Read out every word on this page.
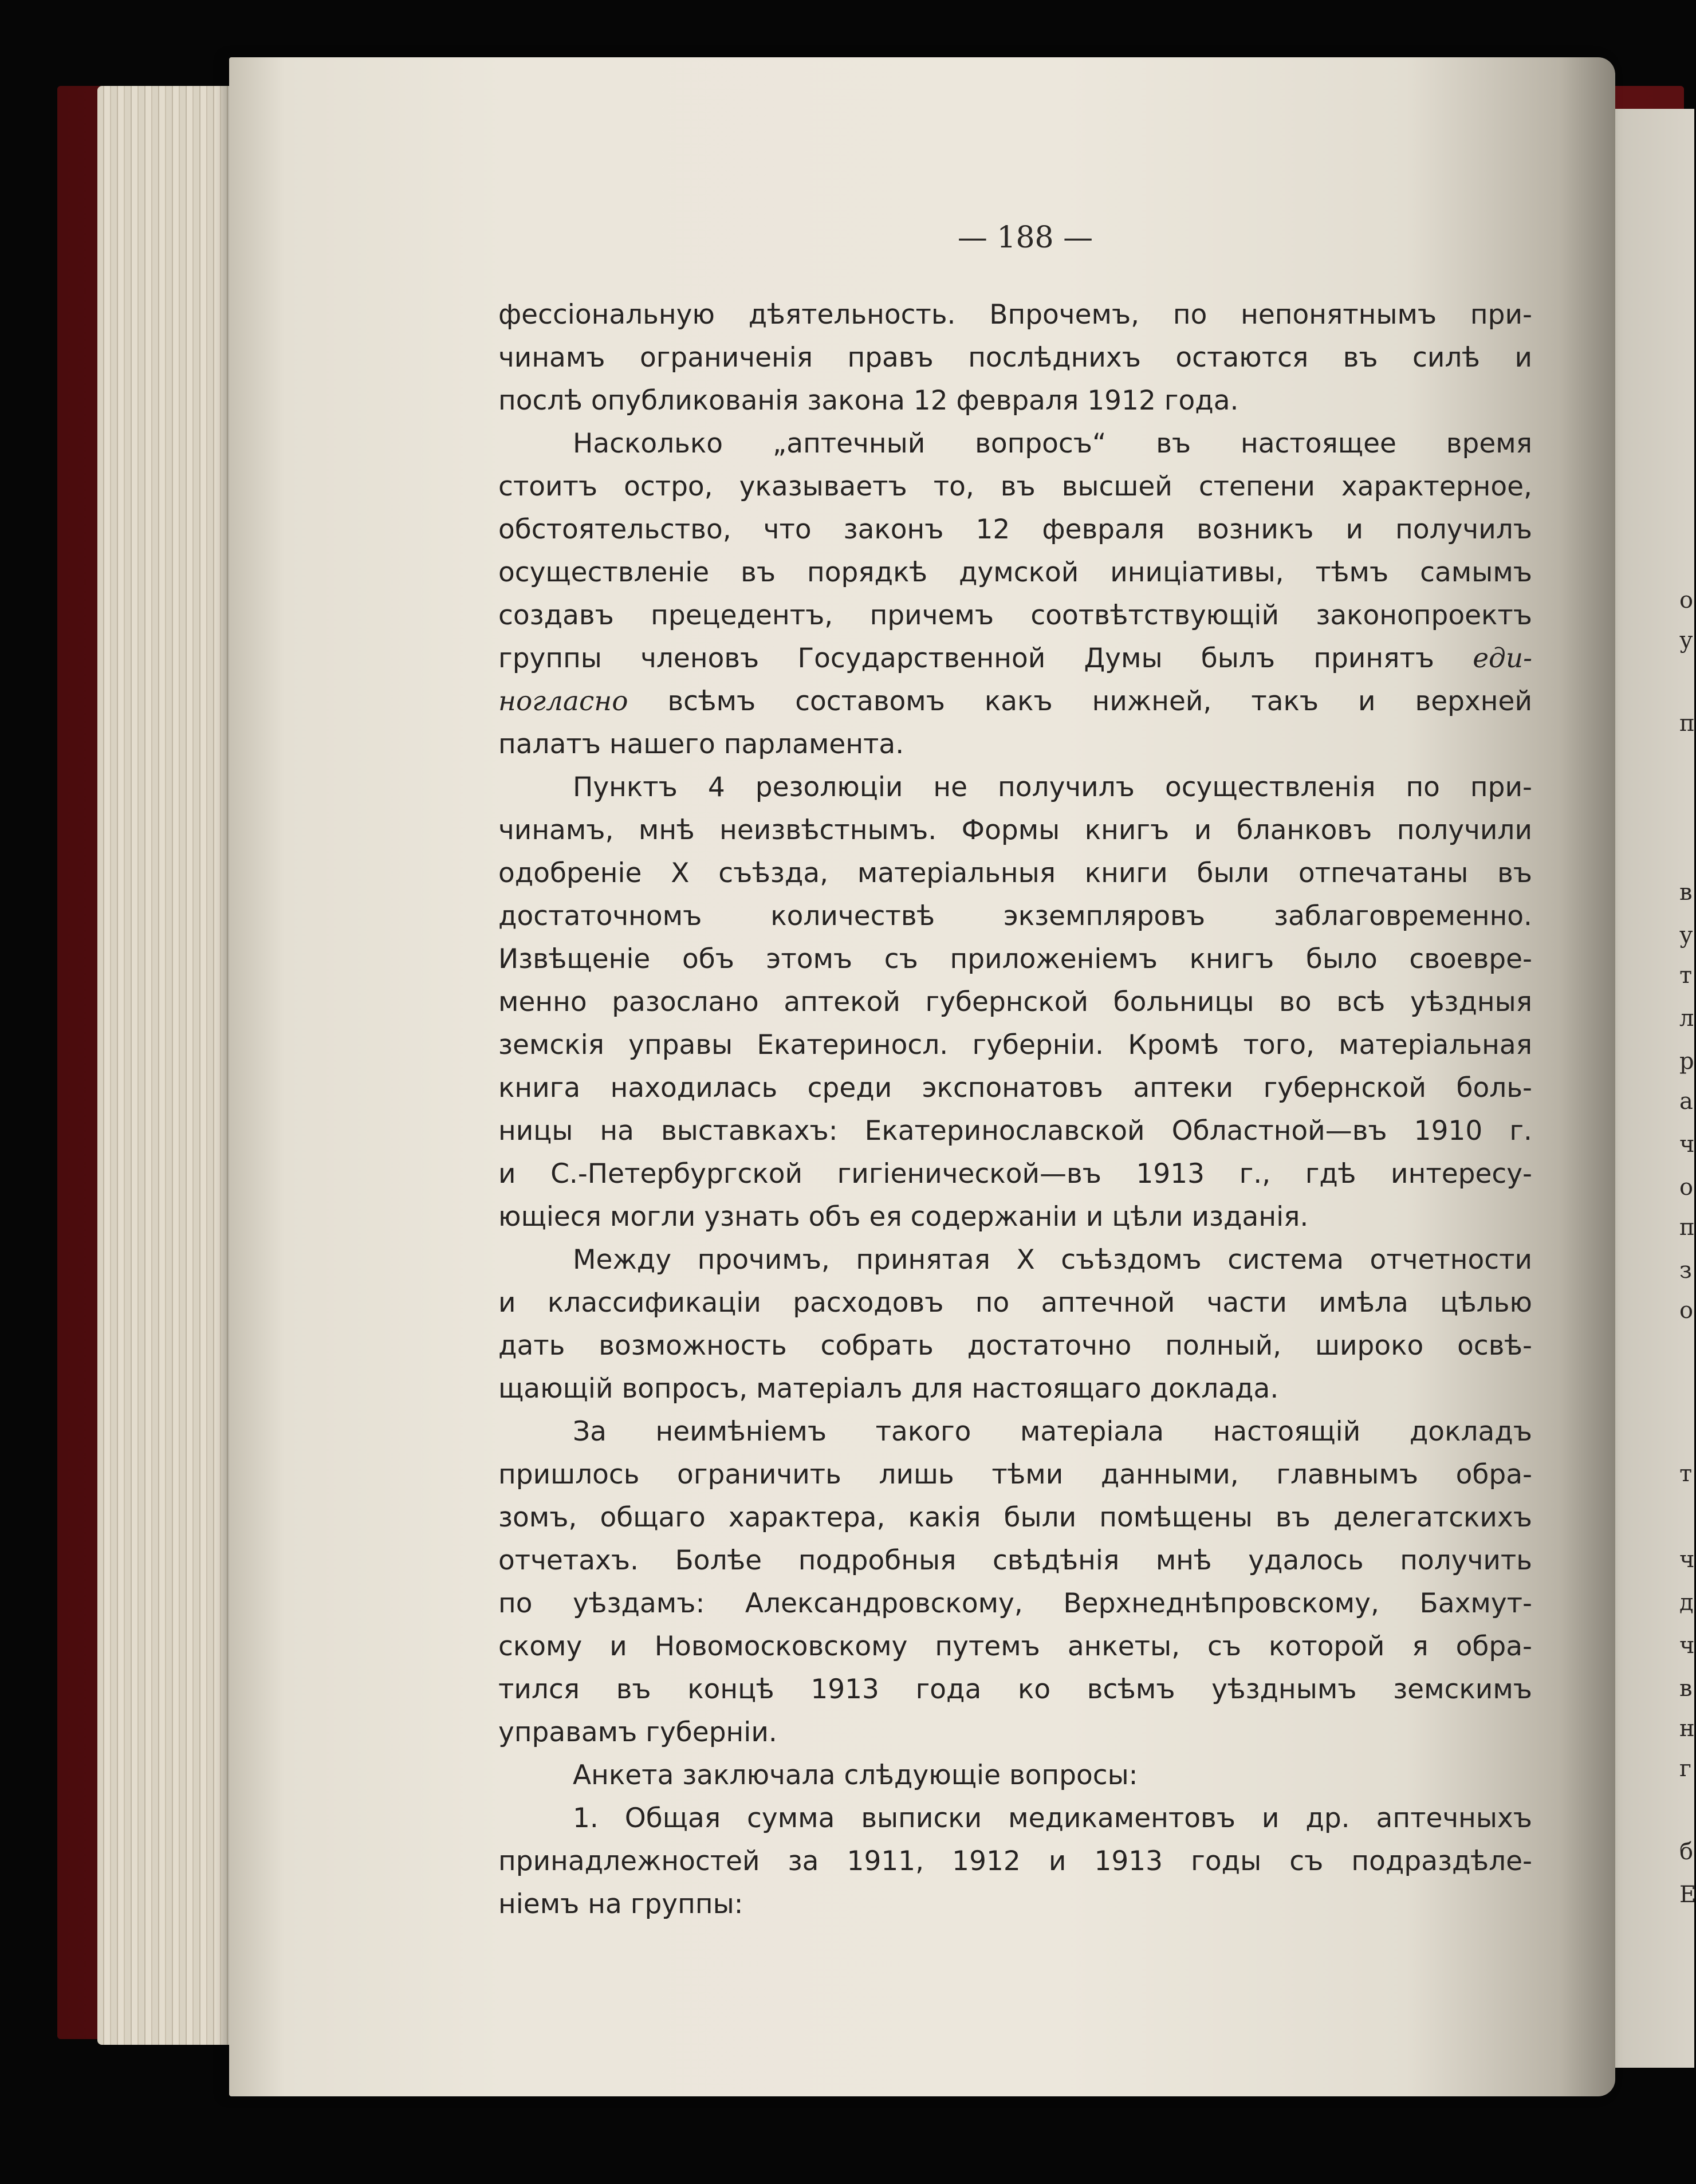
о
у
п
в
у
т
л
р
а
ч
о
п
з
о
т
ч
д
ч
в
н
г
б
Е
— 188 —
фессіональную дѣятельность. Впрочемъ, по непонятнымъ при-
чинамъ ограниченія правъ послѣднихъ остаются въ силѣ и
послѣ опубликованія закона 12 февраля 1912 года.
Насколько „аптечный вопросъ“ въ настоящее время
стоитъ остро, указываетъ то, въ высшей степени характерное,
обстоятельство, что законъ 12 февраля возникъ и получилъ
осуществленіе въ порядкѣ думской иниціативы, тѣмъ самымъ
создавъ прецедентъ, причемъ соотвѣтствующій законопроектъ
группы членовъ Государственной Думы былъ принятъ еди-
ногласно всѣмъ составомъ какъ нижней, такъ и верхней
палатъ нашего парламента.
Пунктъ 4 резолюціи не получилъ осуществленія по при-
чинамъ, мнѣ неизвѣстнымъ. Формы книгъ и бланковъ получили
одобреніе X съѣзда, матеріальныя книги были отпечатаны въ
достаточномъ количествѣ экземпляровъ заблаговременно.
Извѣщеніе объ этомъ съ приложеніемъ книгъ было своевре-
менно разослано аптекой губернской больницы во всѣ уѣздныя
земскія управы Екатериносл. губерніи. Кромѣ того, матеріальная
книга находилась среди экспонатовъ аптеки губернской боль-
ницы на выставкахъ: Екатеринославской Областной—въ 1910 г.
и С.-Петербургской гигіенической—въ 1913 г., гдѣ интересу-
ющіеся могли узнать объ ея содержаніи и цѣли изданія.
Между прочимъ, принятая X съѣздомъ система отчетности
и классификаціи расходовъ по аптечной части имѣла цѣлью
дать возможность собрать достаточно полный, широко освѣ-
щающій вопросъ, матеріалъ для настоящаго доклада.
За неимѣніемъ такого матеріала настоящій докладъ
пришлось ограничить лишь тѣми данными, главнымъ обра-
зомъ, общаго характера, какія были помѣщены въ делегатскихъ
отчетахъ. Болѣе подробныя свѣдѣнія мнѣ удалось получить
по уѣздамъ: Александровскому, Верхнеднѣпровскому, Бахмут-
скому и Новомосковскому путемъ анкеты, съ которой я обра-
тился въ концѣ 1913 года ко всѣмъ уѣзднымъ земскимъ
управамъ губерніи.
Анкета заключала слѣдующіе вопросы:
1. Общая сумма выписки медикаментовъ и др. аптечныхъ
принадлежностей за 1911, 1912 и 1913 годы съ подраздѣле-
ніемъ на группы:
